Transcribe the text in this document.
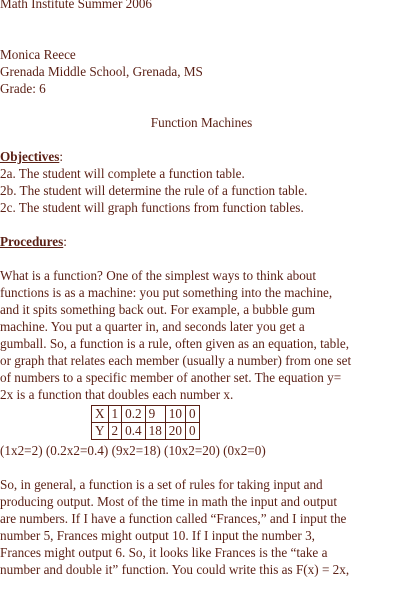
Math Institute Summer 2006
Monica Reece
Grenada Middle School, Grenada, MS
Grade: 6
Function Machines
Objectives:
2a. The student will complete a function table.
2b. The student will determine the rule of a function table.
2c. The student will graph functions from function tables.
Procedures:
What is a function? One of the simplest ways to think about
functions is as a machine: you put something into the machine,
and it spits something back out. For example, a bubble gum
machine. You put a quarter in, and seconds later you get a
gumball. So, a function is a rule, often given as an equation, table,
or graph that relates each member (usually a number) from one set
of numbers to a specific member of another set. The equation y=
2x is a function that doubles each number x.
X	1	0.2	9	10	0
Y	2	0.4	18	20	0
(1x2=2) (0.2x2=0.4) (9x2=18) (10x2=20) (0x2=0)
So, in general, a function is a set of rules for taking input and
producing output. Most of the time in math the input and output
are numbers. If I have a function called “Frances,” and I input the
number 5, Frances might output 10. If I input the number 3,
Frances might output 6. So, it looks like Frances is the “take a
number and double it” function. You could write this as F(x) = 2x,
